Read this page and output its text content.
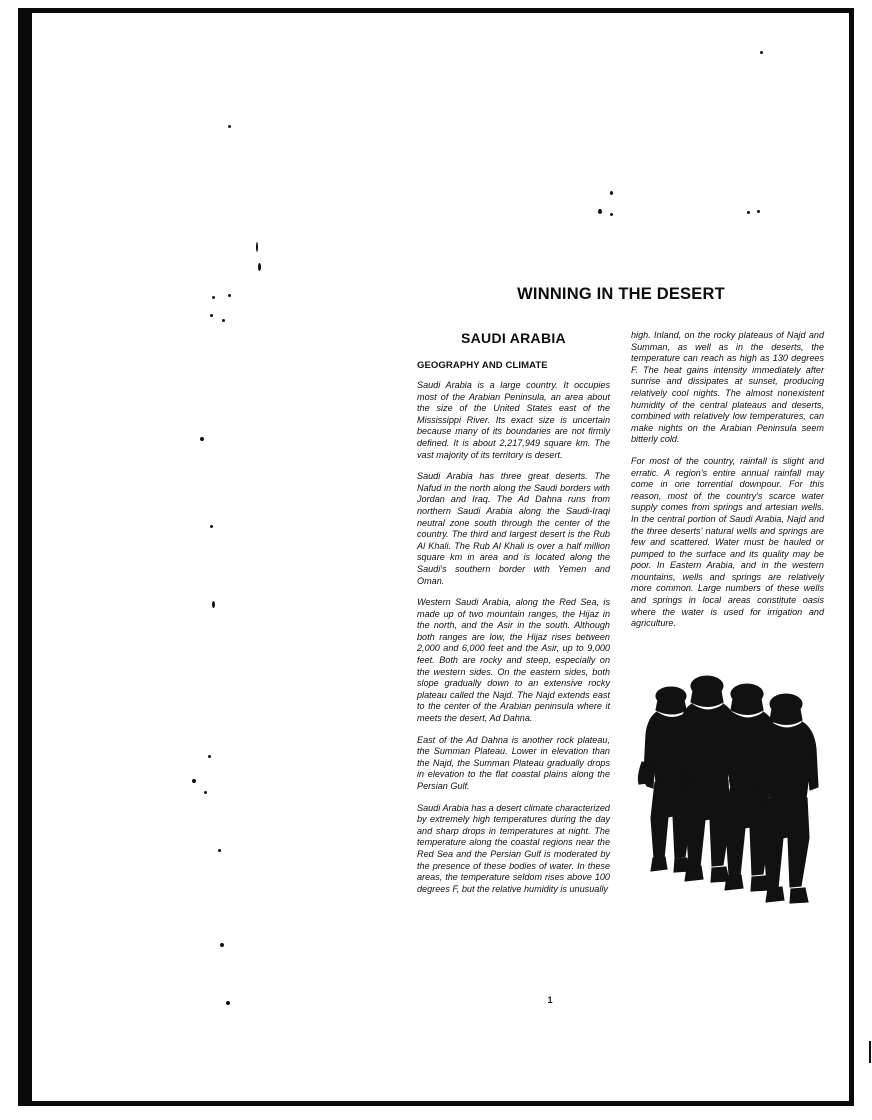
WINNING IN THE DESERT
SAUDI ARABIA
GEOGRAPHY AND CLIMATE

Saudi Arabia is a large country. It occupies most of the Arabian Peninsula, an area about the size of the United States east of the Mississippi River. Its exact size is uncertain because many of its boundaries are not firmly defined. It is about 2,217,949 square km. The vast majority of its territory is desert.

Saudi Arabia has three great deserts. The Nafud in the north along the Saudi borders with Jordan and Iraq. The Ad Dahna runs from northern Saudi Arabia along the Saudi-Iraqi neutral zone south through the center of the country. The third and largest desert is the Rub Al Khali. The Rub Al Khali is over a half million square km in area and is located along the Saudi's southern border with Yemen and Oman.

Western Saudi Arabia, along the Red Sea, is made up of two mountain ranges, the Hijaz in the north, and the Asir in the south. Although both ranges are low, the Hijaz rises between 2,000 and 6,000 feet and the Asir, up to 9,000 feet. Both are rocky and steep, especially on the western sides. On the eastern sides, both slope gradually down to an extensive rocky plateau called the Najd. The Najd extends east to the center of the Arabian peninsula where it meets the desert, Ad Dahna.

East of the Ad Dahna is another rock plateau, the Summan Plateau. Lower in elevation than the Najd, the Summan Plateau gradually drops in elevation to the flat coastal plains along the Persian Gulf.

Saudi Arabia has a desert climate characterized by extremely high temperatures during the day and sharp drops in temperatures at night. The temperature along the coastal regions near the Red Sea and the Persian Gulf is moderated by the presence of these bodies of water. In these areas, the temperature seldom rises above 100 degrees F, but the relative humidity is unusually

high. Inland, on the rocky plateaus of Najd and Summan, as well as in the deserts, the temperature can reach as high as 130 degrees F. The heat gains intensity immediately after sunrise and dissipates at sunset, producing relatively cool nights. The almost nonexistent humidity of the central plateaus and deserts, combined with relatively low temperatures, can make nights on the Arabian Peninsula seem bitterly cold.

For most of the country, rainfall is slight and erratic. A region's entire annual rainfall may come in one torrential downpour. For this reason, most of the country's scarce water supply comes from springs and artesian wells. In the central portion of Saudi Arabia, Najd and the three deserts' natural wells and springs are few and scattered. Water must be hauled or pumped to the surface and its quality may be poor. In Eastern Arabia, and in the western mountains, wells and springs are relatively more common. Large numbers of these wells and springs in local areas constitute oasis where the water is used for irrigation and agriculture.

1
